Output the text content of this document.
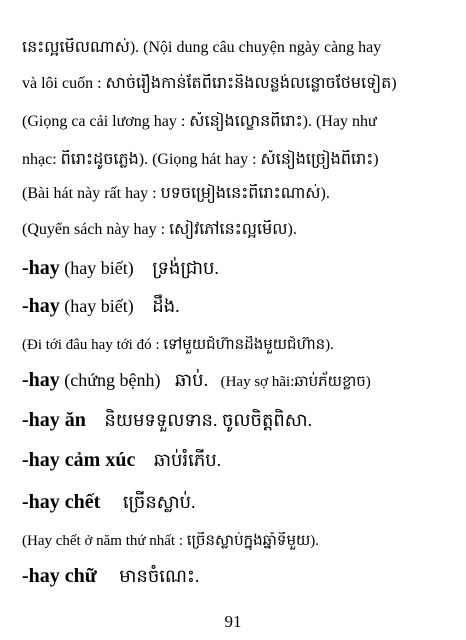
នេះល្អមើលណាស់). (Nội dung câu chuyện ngày càng hay
và lôi cuốn : សាច់រឿងកាន់តែពីរោះនិងលន្លង់លន្លោចថែមទៀត)
(Giọng ca cải lương hay : សំនៀងល្ខោនពីរោះ). (Hay như
nhạc: ពីរោះដូចភ្លេង). (Giọng hát hay : សំនៀងច្រៀងពីរោះ)
(Bài hát này rất hay : បទចម្រៀងនេះពីរោះណាស់).
(Quyển sách này hay : សៀវភៅនេះល្អមើល).
-hay (hay biết) ទ្រង់ជ្រាប.
-hay (hay biết) ដឹង.
(Đi tới đâu hay tới đó : ទៅមួយជំហ៊ានដឹងមួយជំហ៊ាន).
-hay (chứng bệnh) ឆាប់. (Hay sợ hãi:ឆាប់ភ័យខ្លាច)
-hay ăn និយមទទួលទាន. ចូលចិត្តពិសា.
-hay cảm xúc ឆាប់រំភើប.
-hay chết ច្រើនស្លាប់.
(Hay chết ở năm thứ nhất : ច្រើនស្លាប់ក្នុងឆ្នាំទីមួយ).
-hay chữ មានចំណេះ.
91
